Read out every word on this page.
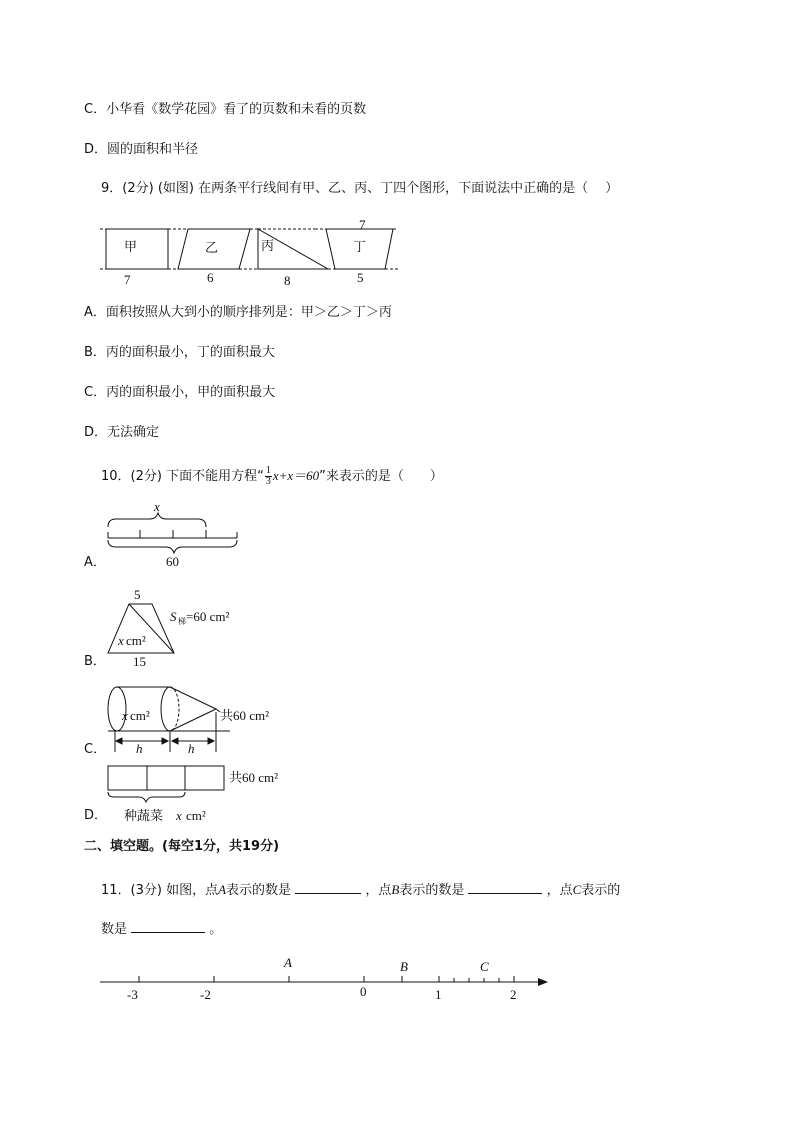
C．小华看《数学花园》看了的页数和未看的页数
D．圆的面积和半径
9．(2分) (如图) 在两条平行线间有甲、乙、丙、丁四个图形，下面说法中正确的是（　 ）
甲	乙	丙	丁
7	6	8	5
7
A．面积按照从大到小的顺序排列是：甲＞乙＞丁＞丙
B．丙的面积最小，丁的面积最大
C．丙的面积最小，甲的面积最大
D．无法确定
10．(2分) 下面不能用方程“ $\frac{1}{3} x+x=60$”来表示的是（　　）
x
60
5
15
x cm²
S 梯 =60 cm²
x cm²
h	h
共60 cm²
共60 cm²
种蔬菜 x cm²
A．
B．
C．
D．
二、填空题。(每空1分，共19分)
11．(3分) 如图，点A表示的数是	，点B表示的数是	，点C表示的
数是	。
-3	-2	0	1	2
A	B	C
